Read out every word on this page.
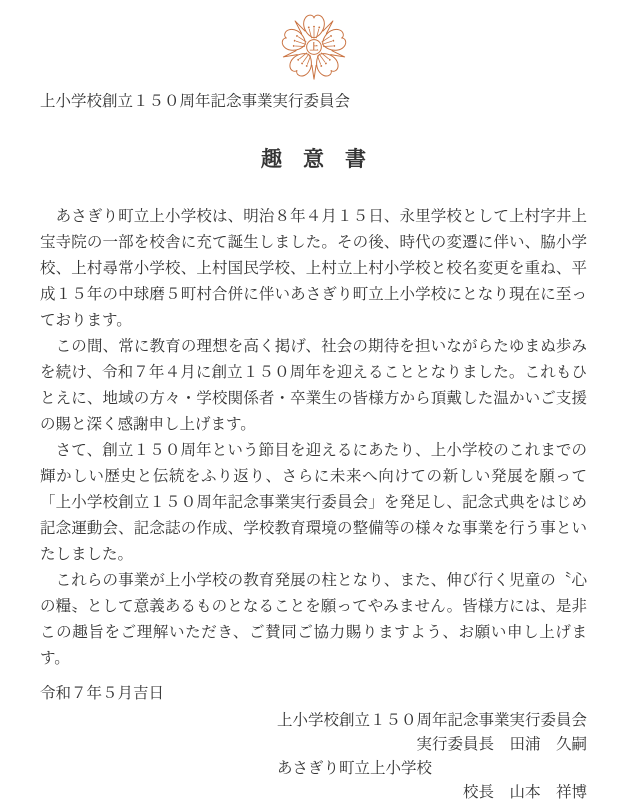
上
上小学校創立１５０周年記念事業実行委員会
趣　意　書

　あさぎり町立上小学校は、明治８年４月１５日、永里学校として上村字井上宝寺院の一部を校舎に充て誕生しました。その後、時代の変遷に伴い、脇小学校、上村尋常小学校、上村国民学校、上村立上村小学校と校名変更を重ね、平成１５年の中球磨５町村合併に伴いあさぎり町立上小学校にとなり現在に至っております。

　この間、常に教育の理想を高く掲げ、社会の期待を担いながらたゆまぬ歩みを続け、令和７年４月に創立１５０周年を迎えることとなりました。これもひとえに、地域の方々・学校関係者・卒業生の皆様方から頂戴した温かいご支援の賜と深く感謝申し上げます。

　さて、創立１５０周年という節目を迎えるにあたり、上小学校のこれまでの輝かしい歴史と伝統をふり返り、さらに未来へ向けての新しい発展を願って「上小学校創立１５０周年記念事業実行委員会」を発足し、記念式典をはじめ記念運動会、記念誌の作成、学校教育環境の整備等の様々な事業を行う事といたしました。

　これらの事業が上小学校の教育発展の柱となり、また、伸び行く児童の〝心の糧〟として意義あるものとなることを願ってやみません。皆様方には、是非この趣旨をご理解いただき、ご賛同ご協力賜りますよう、お願い申し上げます。

令和７年５月吉日

上小学校創立１５０周年記念事業実行委員会
実行委員長　田浦　久嗣
あさぎり町立上小学校
校長　山本　祥博
